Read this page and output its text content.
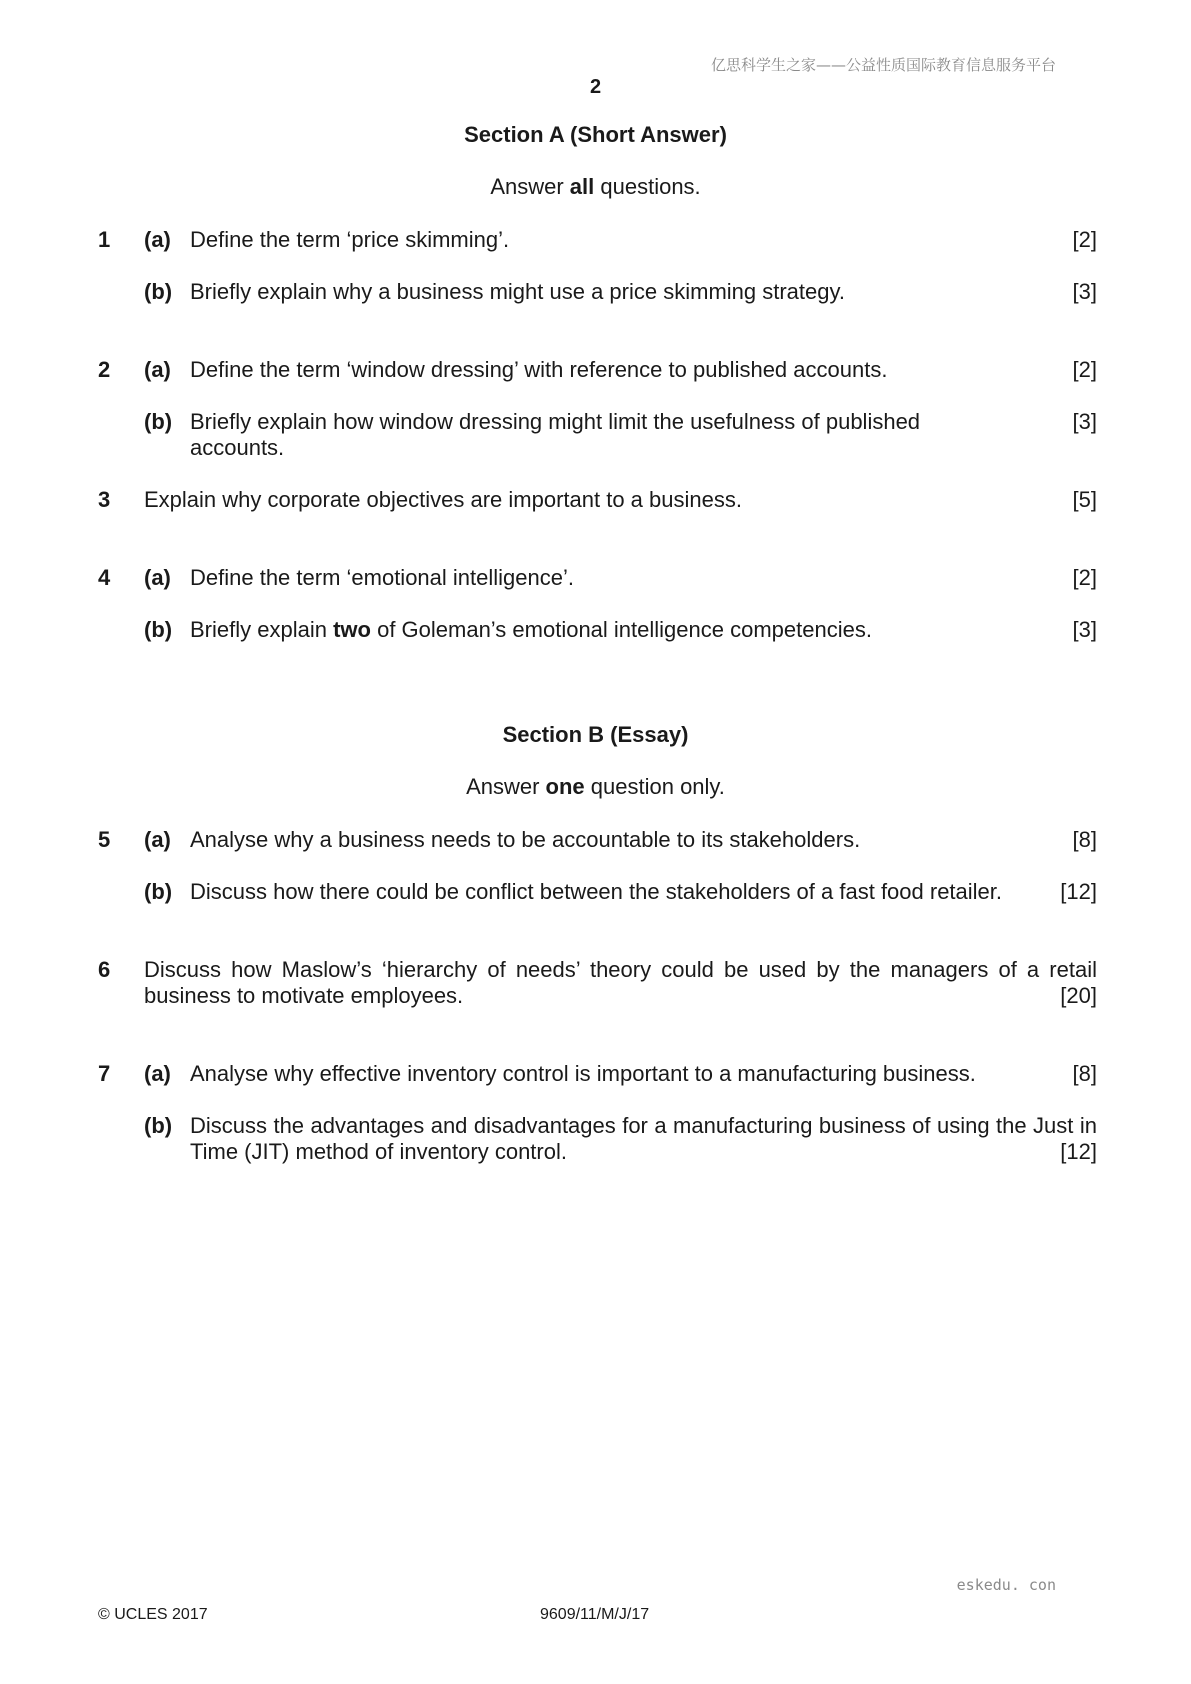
亿思科学生之家——公益性质国际教育信息服务平台
2
Section A (Short Answer)
Answer all questions.
1 (a) Define the term ‘price skimming’.	[2]
(b) Briefly explain why a business might use a price skimming strategy.	[3]
2 (a) Define the term ‘window dressing’ with reference to published accounts.	[2]
(b) Briefly explain how window dressing might limit the usefulness of published accounts.
[3]
3 Explain why corporate objectives are important to a business.	[5]
4 (a) Define the term ‘emotional intelligence’.	[2]
(b) Briefly explain two of Goleman’s emotional intelligence competencies.	[3]
Section B (Essay)
Answer one question only.
5 (a) Analyse why a business needs to be accountable to its stakeholders.	[8]
(b) Discuss how there could be conflict between the stakeholders of a fast food retailer.	[12]
6 Discuss how Maslow’s ‘hierarchy of needs’ theory could be used by the managers of a retail
business to motivate employees.	[20]
7 (a) Analyse why effective inventory control is important to a manufacturing business.	[8]
(b) Discuss the advantages and disadvantages for a manufacturing business of using the Just in
Time (JIT) method of inventory control.	[12]
eskedu. con
© UCLES 2017	9609/11/M/J/17
